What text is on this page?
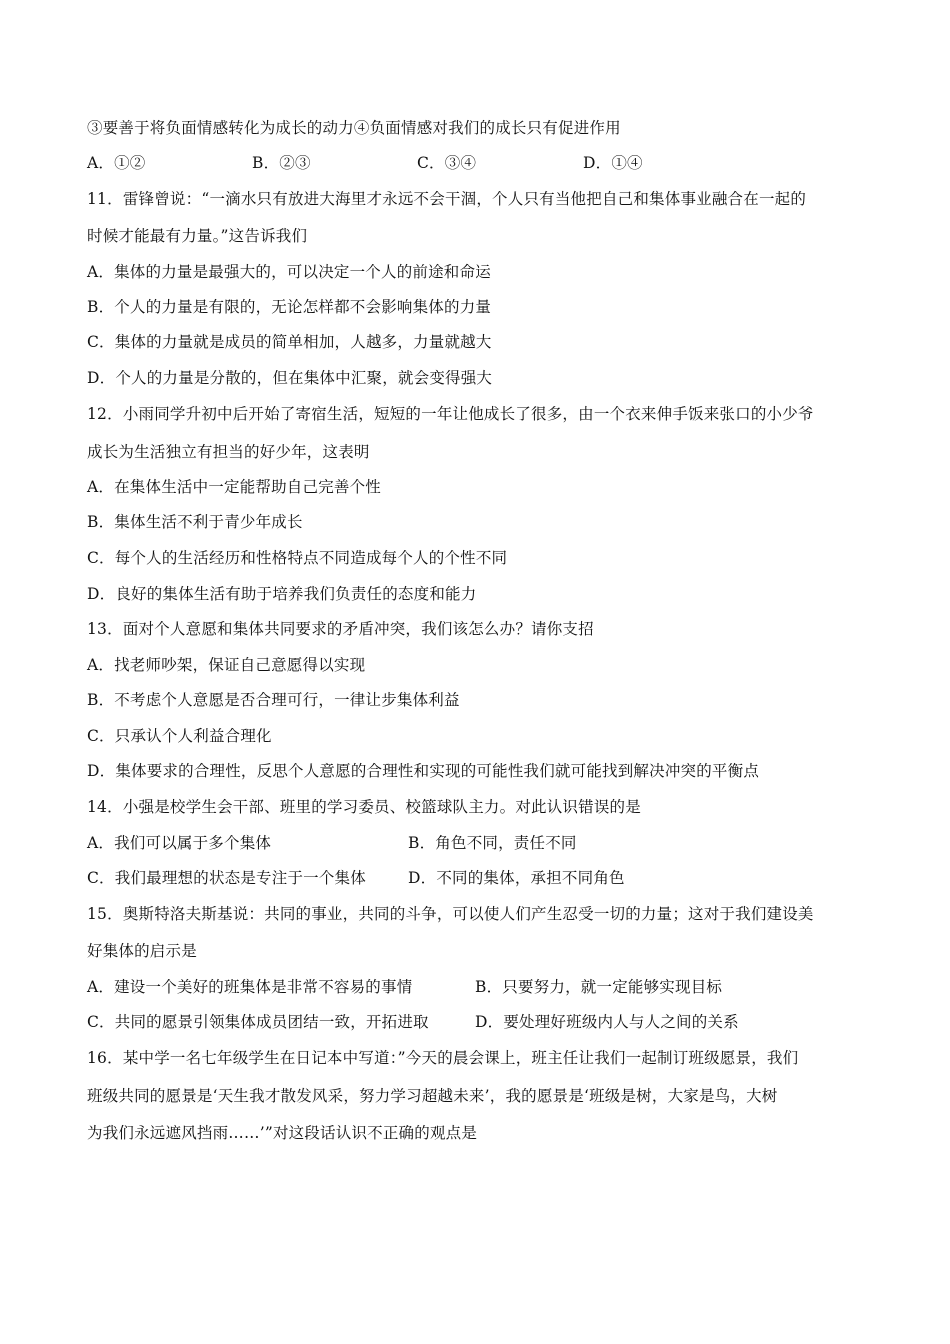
③要善于将负面情感转化为成长的动力④负面情感对我们的成长只有促进作用
A．①②	B．②③	C．③④	D．①④
11．雷锋曾说：“一滴水只有放进大海里才永远不会干涸，个人只有当他把自己和集体事业融合在一起的
时候才能最有力量。”这告诉我们
A．集体的力量是最强大的，可以决定一个人的前途和命运
B．个人的力量是有限的，无论怎样都不会影响集体的力量
C．集体的力量就是成员的简单相加，人越多，力量就越大
D．个人的力量是分散的，但在集体中汇聚，就会变得强大
12．小雨同学升初中后开始了寄宿生活，短短的一年让他成长了很多，由一个衣来伸手饭来张口的小少爷
成长为生活独立有担当的好少年，这表明
A．在集体生活中一定能帮助自己完善个性
B．集体生活不利于青少年成长
C．每个人的生活经历和性格特点不同造成每个人的个性不同
D．良好的集体生活有助于培养我们负责任的态度和能力
13．面对个人意愿和集体共同要求的矛盾冲突，我们该怎么办？请你支招
A．找老师吵架，保证自己意愿得以实现
B．不考虑个人意愿是否合理可行，一律让步集体利益
C．只承认个人利益合理化
D．集体要求的合理性，反思个人意愿的合理性和实现的可能性我们就可能找到解决冲突的平衡点
14．小强是校学生会干部、班里的学习委员、校篮球队主力。对此认识错误的是
A．我们可以属于多个集体	B．角色不同，责任不同
C．我们最理想的状态是专注于一个集体	D．不同的集体，承担不同角色
15．奥斯特洛夫斯基说：共同的事业，共同的斗争，可以使人们产生忍受一切的力量；这对于我们建设美
好集体的启示是
A．建设一个美好的班集体是非常不容易的事情	B．只要努力，就一定能够实现目标
C．共同的愿景引领集体成员团结一致，开拓进取	D．要处理好班级内人与人之间的关系
16．某中学一名七年级学生在日记本中写道：”今天的晨会课上，班主任让我们一起制订班级愿景，我们
班级共同的愿景是‘天生我才散发风采，努力学习超越未来’，我的愿景是‘班级是树，大家是鸟，大树
为我们永远遮风挡雨……’”对这段话认识不正确的观点是
